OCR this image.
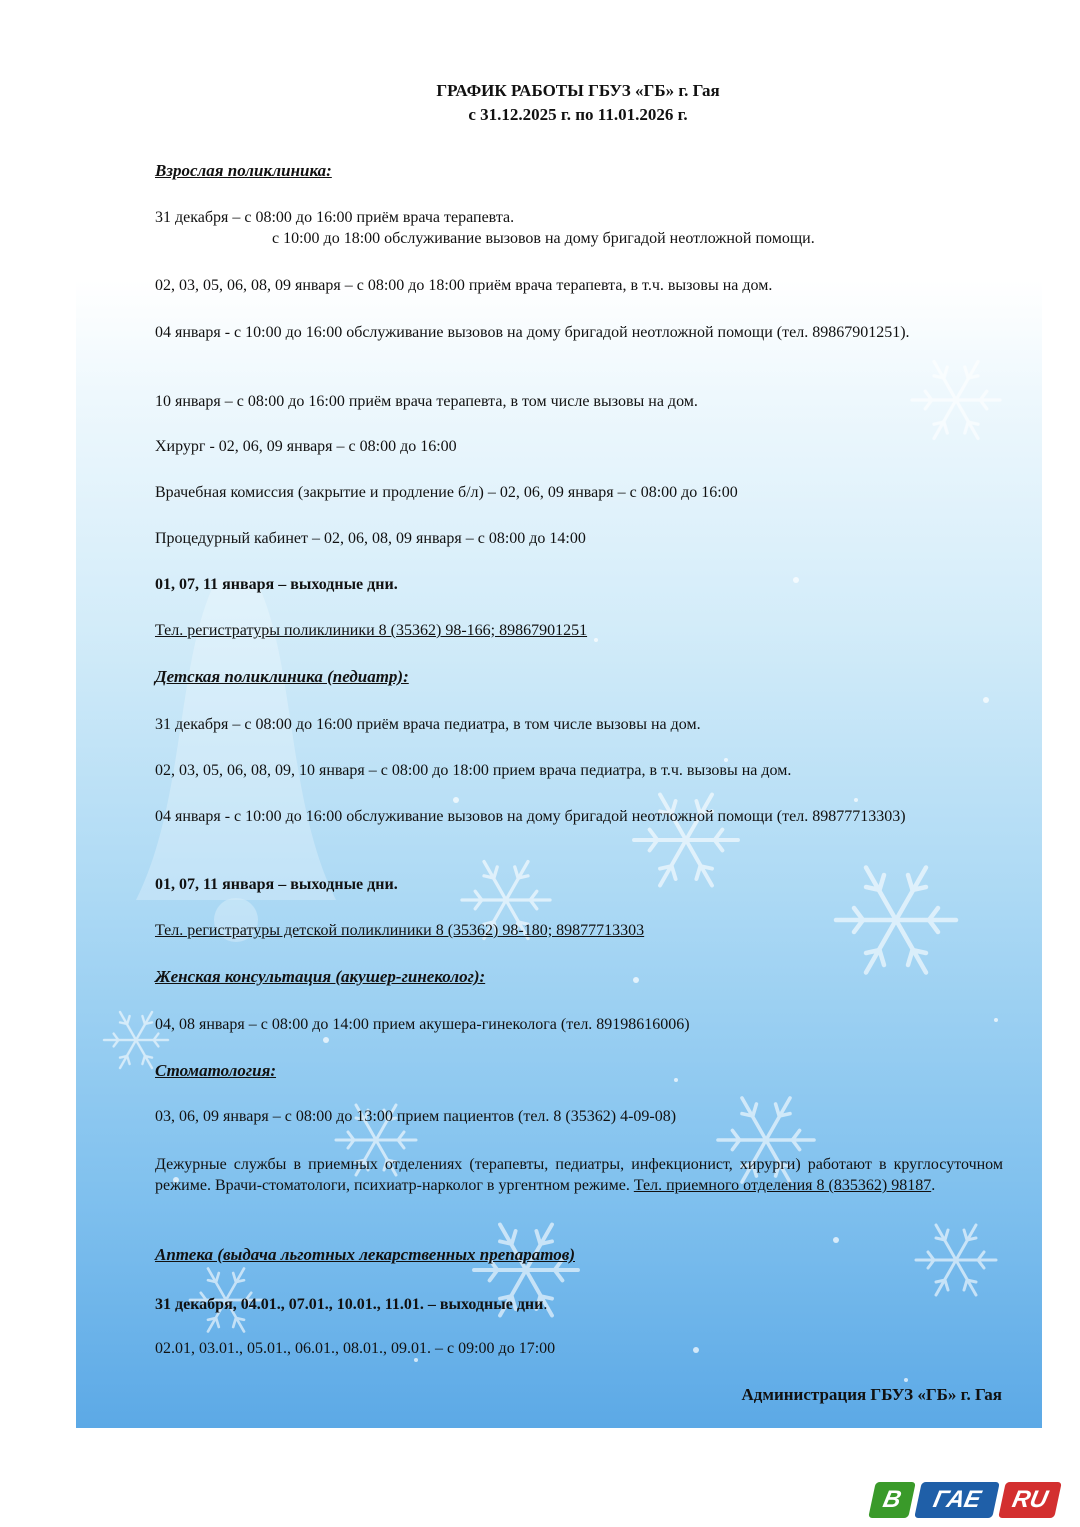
ГРАФИК РАБОТЫ ГБУЗ «ГБ» г. Гая
с 31.12.2025 г. по 11.01.2026 г.
Взрослая поликлиника:
31 декабря – с 08:00 до 16:00 приём врача терапевта.
с 10:00 до 18:00 обслуживание вызовов на дому бригадой неотложной помощи.
02, 03, 05, 06, 08, 09 января – с 08:00 до 18:00 приём врача терапевта, в т.ч. вызовы на дом.
04 января - с 10:00 до 16:00 обслуживание вызовов на дому бригадой неотложной помощи (тел. 89867901251).
10 января – с 08:00 до 16:00 приём врача терапевта, в том числе вызовы на дом.
Хирург - 02, 06, 09 января – с 08:00 до 16:00
Врачебная комиссия (закрытие и продление б/л) – 02, 06, 09 января – с 08:00 до 16:00
Процедурный кабинет – 02, 06, 08, 09 января – с 08:00 до 14:00
01, 07, 11 января – выходные дни.
Тел. регистратуры поликлиники 8 (35362) 98-166; 89867901251
Детская поликлиника (педиатр):
31 декабря – с 08:00 до 16:00 приём врача педиатра, в том числе вызовы на дом.
02, 03, 05, 06, 08, 09, 10 января – с 08:00 до 18:00 прием врача педиатра, в т.ч. вызовы на дом.
04 января - с 10:00 до 16:00 обслуживание вызовов на дому бригадой неотложной помощи (тел. 89877713303)
01, 07, 11 января – выходные дни.
Тел. регистратуры детской поликлиники 8 (35362) 98-180; 89877713303
Женская консультация (акушер-гинеколог):
04, 08 января – с 08:00 до 14:00 прием акушера-гинеколога (тел. 89198616006)
Стоматология:
03, 06, 09 января – с 08:00 до 13:00 прием пациентов (тел. 8 (35362) 4-09-08)
Дежурные службы в приемных отделениях (терапевты, педиатры, инфекционист, хирурги) работают в круглосуточном режиме. Врачи-стоматологи, психиатр-нарколог в ургентном режиме. Тел. приемного отделения 8 (835362) 98187.
Аптека (выдача льготных лекарственных препаратов)
31 декабря, 04.01., 07.01., 10.01., 11.01. – выходные дни.
02.01, 03.01., 05.01., 06.01., 08.01., 09.01. – с 09:00 до 17:00
Администрация ГБУЗ «ГБ» г. Гая
В	ГАЕ	RU
